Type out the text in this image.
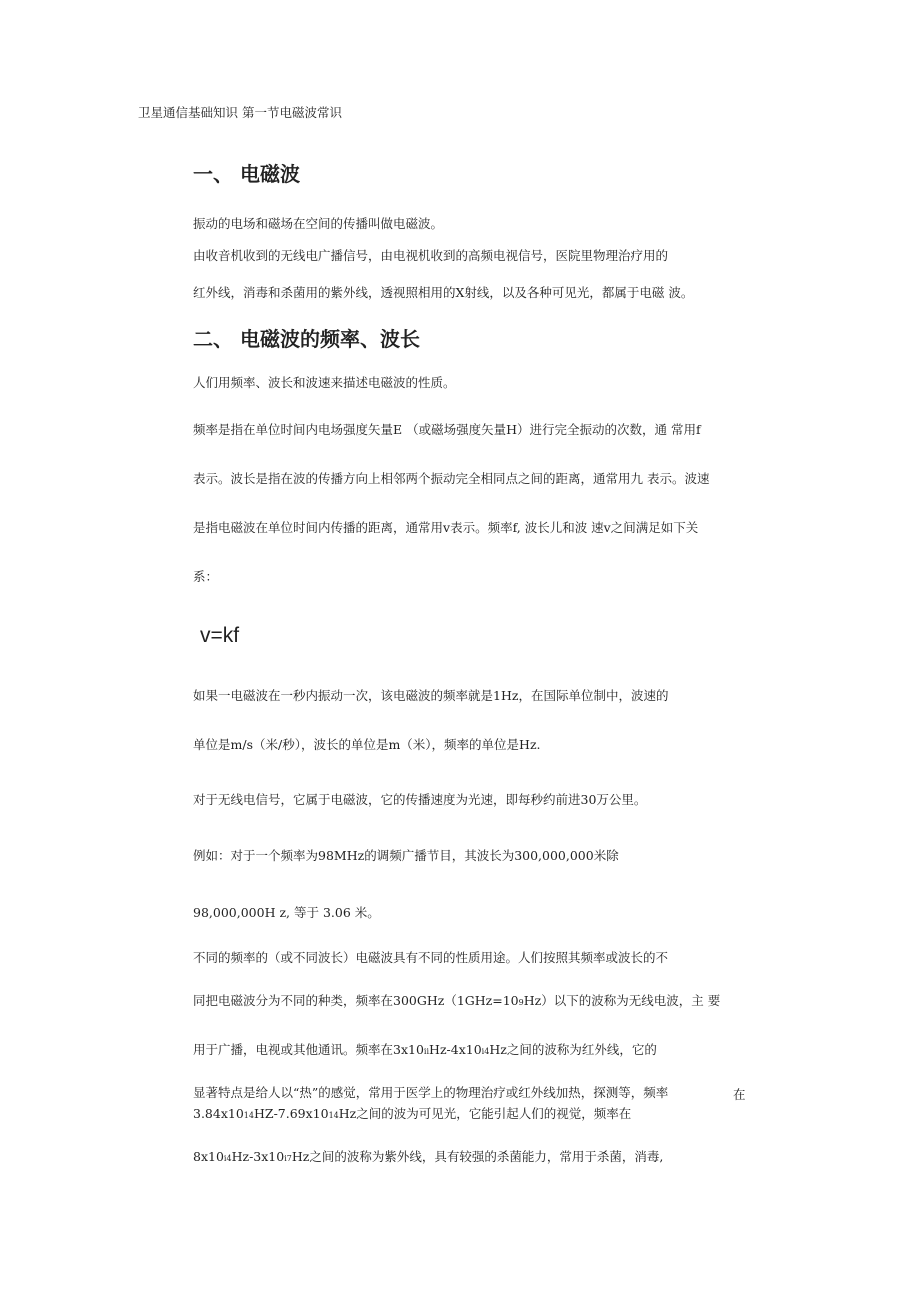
卫星通信基础知识 第一节电磁波常识
一、 电磁波
振动的电场和磁场在空间的传播叫做电磁波。
由收音机收到的无线电广播信号，由电视机收到的高频电视信号，医院里物理治疗用的
红外线，消毒和杀菌用的紫外线，透视照相用的X射线，以及各种可见光，都属于电磁 波。
二、 电磁波的频率、波长
人们用频率、波长和波速来描述电磁波的性质。
频率是指在单位时间内电场强度矢量E （或磁场强度矢量H）进行完全振动的次数，通 常用f
表示。波长是指在波的传播方向上相邻两个振动完全相同点之间的距离，通常用九 表示。波速
是指电磁波在单位时间内传播的距离，通常用v表示。频率f, 波长儿和波 速v之间满足如下关
系：
v=kf
如果一电磁波在一秒内振动一次，该电磁波的频率就是1Hz，在国际单位制中，波速的
单位是m/s（米/秒），波长的单位是m（米），频率的单位是Hz.
对于无线电信号，它属于电磁波，它的传播速度为光速，即每秒约前进30万公里。
例如：对于一个频率为98MHz的调频广播节目，其波长为300,000,000米除
98,000,000H z, 等于 3.06 米。
不同的频率的（或不同波长）电磁波具有不同的性质用途。人们按照其频率或波长的不
同把电磁波分为不同的种类，频率在300GHz（1GHz=109Hz）以下的波称为无线电波，主 要
用于广播，电视或其他通讯。频率在3x10iiHz-4x10i4Hz之间的波称为红外线，它的
显著特点是给人以“热”的感觉，常用于医学上的物理治疗或红外线加热，探测等，频率	在
3.84x1014HZ-7.69x1014Hz之间的波为可见光，它能引起人们的视觉，频率在
8x10i4Hz-3x10i7Hz之间的波称为紫外线，具有较强的杀菌能力，常用于杀菌，消毒,
